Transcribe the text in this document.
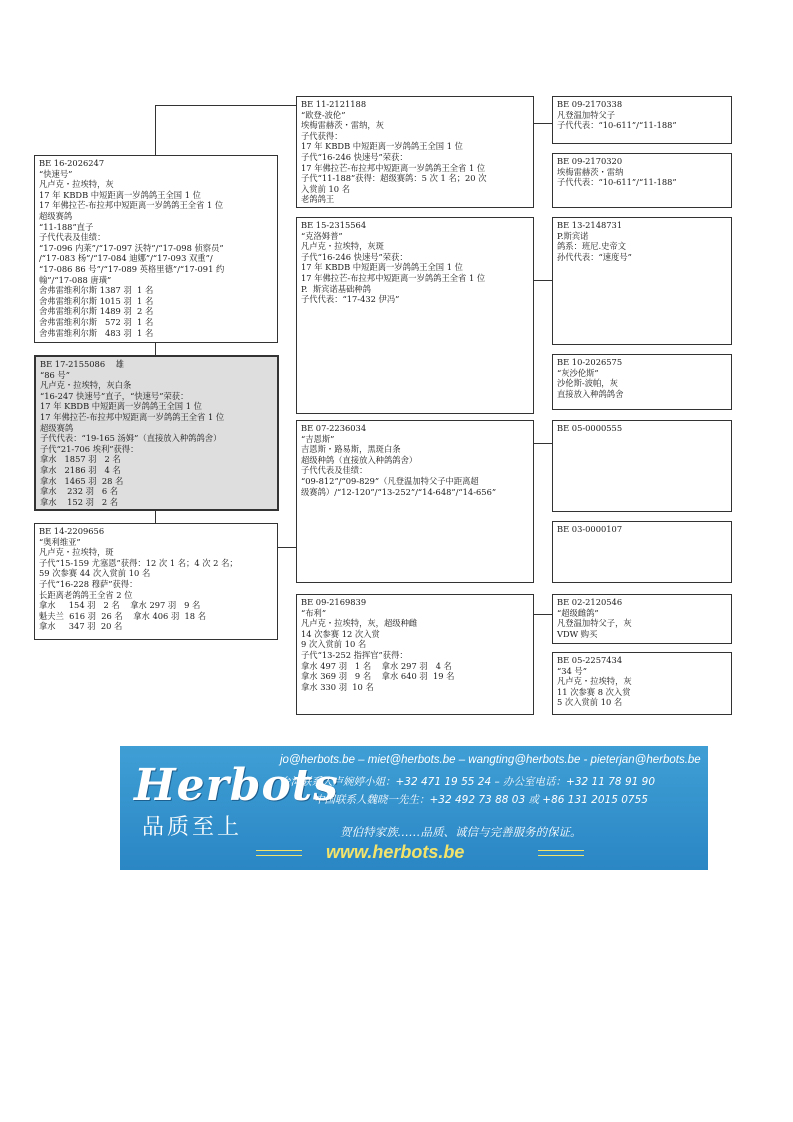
BE 16-2026247
“快速号”
凡卢克・拉埃特，灰
17 年 KBDB 中短距离一岁鸽鸽王全国 1 位
17 年佛拉芒-布拉邦中短距离一岁鸽鸽王全省 1 位
超级赛鸽
“11-188”直子
子代代表及佳绩：
“17-096 内莱”/“17-097 沃特”/“17-098 侦察员”
/“17-083 杨”/“17-084 迪娜”/“17-093 双重”/
“17-086 86 号”/“17-089 英格里德”/“17-091 约
翰”/“17-088 唐璜”
舍弗雷维利尔斯 1387 羽  1 名
舍弗雷维利尔斯 1015 羽  1 名
舍弗雷维利尔斯 1489 羽  2 名
舍弗雷维利尔斯   572 羽  1 名
舍弗雷维利尔斯   483 羽  1 名
BE 17-2155086    雄
“86 号”
凡卢克・拉埃特，灰白条
“16-247 快速号”直子，“快速号”荣获：
17 年 KBDB 中短距离一岁鸽鸽王全国 1 位
17 年佛拉芒-布拉邦中短距离一岁鸽鸽王全省 1 位
超级赛鸽
子代代表：“19-165 汤姆”（直接放入种鸽鸽舍）
子代“21-706 埃利”获得：
拿水   1857 羽   2 名
拿水   2186 羽   4 名
拿水   1465 羽  28 名
拿水    232 羽   6 名
拿水    152 羽   2 名
BE 14-2209656
“奥利维亚”
凡卢克・拉埃特，斑
子代“15-159 尤塞恩”获得：12 次 1 名；4 次 2 名；
59 次参赛 44 次入赏前 10 名
子代“16-228 穆萨”获得：
长距离老鸽鸽王全省 2 位
拿水     154 羽   2 名    拿水 297 羽   9 名
魁夫兰  616 羽  26 名    拿水 406 羽  18 名
拿水     347 羽  20 名
BE 11-2121188
“欧登-波伦”
埃梅雷赫茨・雷纳，灰
子代获得：
17 年 KBDB 中短距离一岁鸽鸽王全国 1 位
子代“16-246 快速号”荣获：
17 年佛拉芒-布拉邦中短距离一岁鸽鸽王全省 1 位
子代“11-188”获得：超级赛鸽：5 次 1 名；20 次
入赏前 10 名
老鸽鸽王
BE 15-2315564
“克洛姆普”
凡卢克・拉埃特，灰斑
子代“16-246 快速号”荣获：
17 年 KBDB 中短距离一岁鸽鸽王全国 1 位
17 年佛拉芒-布拉邦中短距离一岁鸽鸽王全省 1 位
P.  斯宾诺基础种鸽
子代代表：“17-432 伊冯”
BE 07-2236034
“吉恩斯”
吉恩斯・路易斯，黑斑白条
超级种鸽（直接放入种鸽鸽舍）
子代代表及佳绩：
“09-812”/“09-829”（凡登温加特父子中距离超
级赛鸽）/“12-120”/“13-252”/“14-648”/“14-656”
BE 09-2169839
“布利”
凡卢克・拉埃特，灰，超级种雌
14 次参赛 12 次入赏
9 次入赏前 10 名
子代“13-252 指挥官”获得：
拿水 497 羽   1 名    拿水 297 羽   4 名
拿水 369 羽   9 名    拿水 640 羽  19 名
拿水 330 羽  10 名
BE 09-2170338
凡登温加特父子
子代代表：“10-611”/“11-188”
BE 09-2170320
埃梅雷赫茨・雷纳
子代代表：“10-611”/“11-188”
BE 13-2148731
P.斯宾诺
鸽系：班尼.史帝文
孙代代表：“速度号”
BE 10-2026575
“灰沙伦斯”
沙伦斯-波帕，灰
直接放入种鸽鸽舍
BE 05-0000555
BE 03-0000107
BE 02-2120546
“超级雌鸽”
凡登温加特父子，灰
VDW 购买
BE 05-2257434
“34 号”
凡卢克・拉埃特，灰
11 次参赛 8 次入赏
5 次入赏前 10 名
Herbots
品质至上
jo@herbots.be – miet@herbots.be – wangting@herbots.be - pieterjan@herbots.be
台湾联系人卢婉婷小姐：+32 471 19 55 24 – 办公室电话：+32 11 78 91 90
中国联系人魏晓一先生：+32 492 73 88 03 或 +86 131 2015 0755
贺伯特家族……品质、诚信与完善服务的保证。
www.herbots.be
